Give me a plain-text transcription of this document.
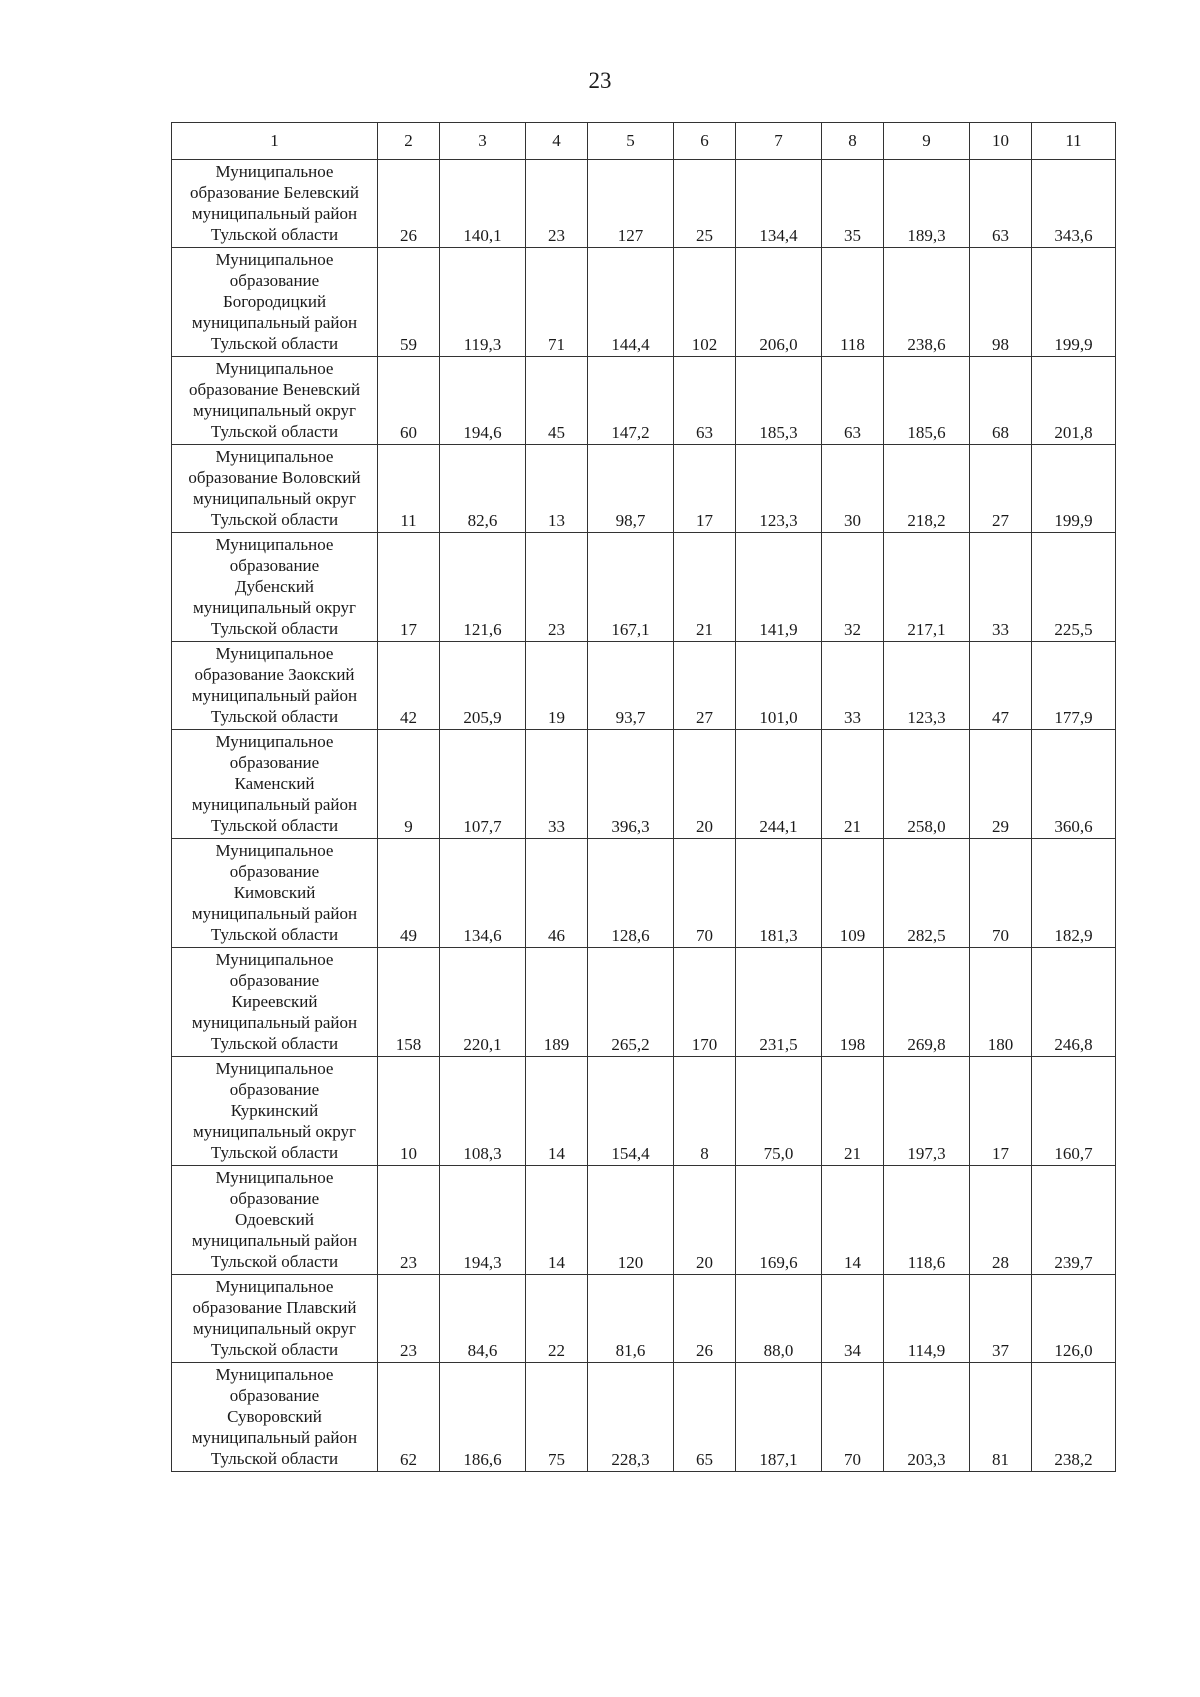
23
1	2	3	4	5	6	7	8	9	10	11

Муниципальное
образование Белевский
муниципальный район
Тульской области	26	140,1	23	127	25	134,4	35	189,3	63	343,6

Муниципальное
образование
Богородицкий
муниципальный район
Тульской области	59	119,3	71	144,4	102	206,0	118	238,6	98	199,9

Муниципальное
образование Веневский
муниципальный округ
Тульской области	60	194,6	45	147,2	63	185,3	63	185,6	68	201,8

Муниципальное
образование Воловский
муниципальный округ
Тульской области	11	82,6	13	98,7	17	123,3	30	218,2	27	199,9

Муниципальное
образование
Дубенский
муниципальный округ
Тульской области	17	121,6	23	167,1	21	141,9	32	217,1	33	225,5

Муниципальное
образование Заокский
муниципальный район
Тульской области	42	205,9	19	93,7	27	101,0	33	123,3	47	177,9

Муниципальное
образование
Каменский
муниципальный район
Тульской области	9	107,7	33	396,3	20	244,1	21	258,0	29	360,6

Муниципальное
образование
Кимовский
муниципальный район
Тульской области	49	134,6	46	128,6	70	181,3	109	282,5	70	182,9

Муниципальное
образование
Киреевский
муниципальный район
Тульской области	158	220,1	189	265,2	170	231,5	198	269,8	180	246,8

Муниципальное
образование
Куркинский
муниципальный округ
Тульской области	10	108,3	14	154,4	8	75,0	21	197,3	17	160,7

Муниципальное
образование
Одоевский
муниципальный район
Тульской области	23	194,3	14	120	20	169,6	14	118,6	28	239,7

Муниципальное
образование Плавский
муниципальный округ
Тульской области	23	84,6	22	81,6	26	88,0	34	114,9	37	126,0

Муниципальное
образование
Суворовский
муниципальный район
Тульской области	62	186,6	75	228,3	65	187,1	70	203,3	81	238,2
